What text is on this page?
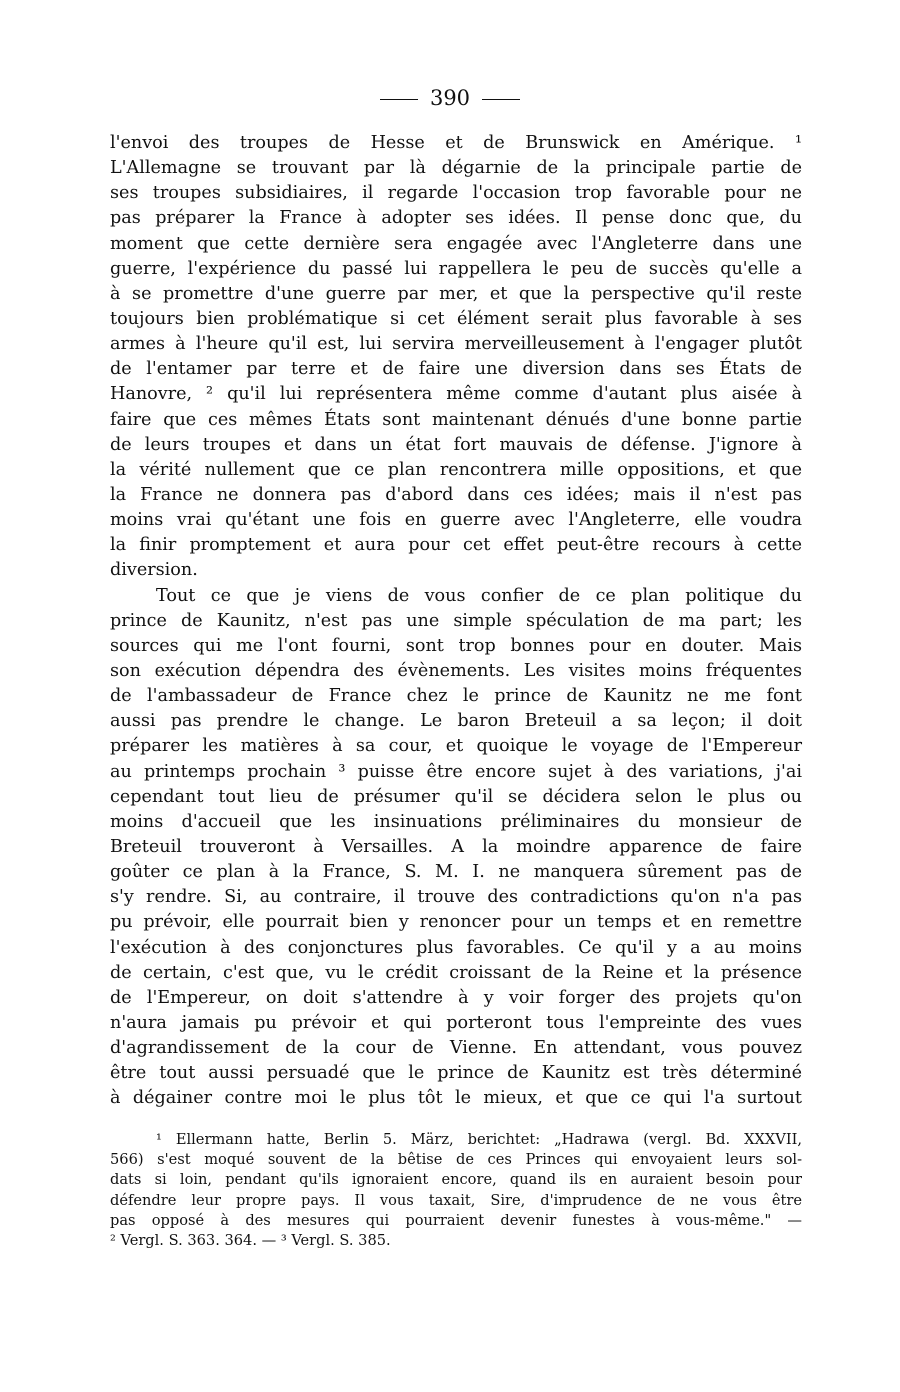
390
l'envoi des troupes de Hesse et de Brunswick en Amérique. ¹
L'Allemagne se trouvant par là dégarnie de la principale partie de
ses troupes subsidiaires, il regarde l'occasion trop favorable pour ne
pas préparer la France à adopter ses idées. Il pense donc que, du
moment que cette dernière sera engagée avec l'Angleterre dans une
guerre, l'expérience du passé lui rappellera le peu de succès qu'elle a
à se promettre d'une guerre par mer, et que la perspective qu'il reste
toujours bien problématique si cet élément serait plus favorable à ses
armes à l'heure qu'il est, lui servira merveilleusement à l'engager plutôt
de l'entamer par terre et de faire une diversion dans ses États de
Hanovre, ² qu'il lui représentera même comme d'autant plus aisée à
faire que ces mêmes États sont maintenant dénués d'une bonne partie
de leurs troupes et dans un état fort mauvais de défense. J'ignore à
la vérité nullement que ce plan rencontrera mille oppositions, et que
la France ne donnera pas d'abord dans ces idées; mais il n'est pas
moins vrai qu'étant une fois en guerre avec l'Angleterre, elle voudra
la finir promptement et aura pour cet effet peut-être recours à cette
diversion.
Tout ce que je viens de vous confier de ce plan politique du
prince de Kaunitz, n'est pas une simple spéculation de ma part; les
sources qui me l'ont fourni, sont trop bonnes pour en douter. Mais
son exécution dépendra des évènements. Les visites moins fréquentes
de l'ambassadeur de France chez le prince de Kaunitz ne me font
aussi pas prendre le change. Le baron Breteuil a sa leçon; il doit
préparer les matières à sa cour, et quoique le voyage de l'Empereur
au printemps prochain ³ puisse être encore sujet à des variations, j'ai
cependant tout lieu de présumer qu'il se décidera selon le plus ou
moins d'accueil que les insinuations préliminaires du monsieur de
Breteuil trouveront à Versailles. A la moindre apparence de faire
goûter ce plan à la France, S. M. I. ne manquera sûrement pas de
s'y rendre. Si, au contraire, il trouve des contradictions qu'on n'a pas
pu prévoir, elle pourrait bien y renoncer pour un temps et en remettre
l'exécution à des conjonctures plus favorables. Ce qu'il y a au moins
de certain, c'est que, vu le crédit croissant de la Reine et la présence
de l'Empereur, on doit s'attendre à y voir forger des projets qu'on
n'aura jamais pu prévoir et qui porteront tous l'empreinte des vues
d'agrandissement de la cour de Vienne. En attendant, vous pouvez
être tout aussi persuadé que le prince de Kaunitz est très déterminé
à dégainer contre moi le plus tôt le mieux, et que ce qui l'a surtout
¹ Ellermann hatte, Berlin 5. März, berichtet: „Hadrawa (vergl. Bd. XXXVII,
566) s'est moqué souvent de la bêtise de ces Princes qui envoyaient leurs sol-
dats si loin, pendant qu'ils ignoraient encore, quand ils en auraient besoin pour
défendre leur propre pays. Il vous taxait, Sire, d'imprudence de ne vous être
pas opposé à des mesures qui pourraient devenir funestes à vous-même." —
² Vergl. S. 363. 364. — ³ Vergl. S. 385.
